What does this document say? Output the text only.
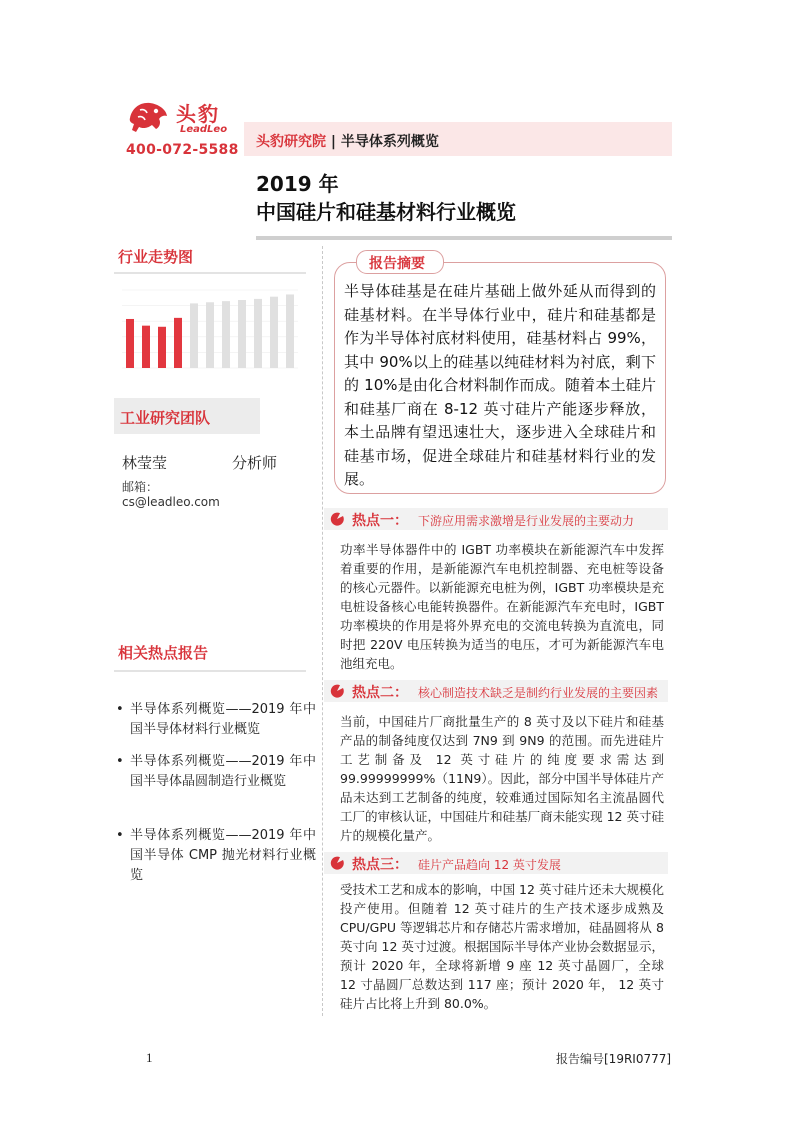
头豹
LeadLeo
400-072-5588 头豹研究院 | 半导体系列概览
2019 年
中国硅片和硅基材料行业概览
行业走势图
工业研究团队
林莹莹	分析师
邮箱：
cs@leadleo.com
相关热点报告
• 半导体系列概览——2019 年中国半导体材料行业概览
• 半导体系列概览——2019 年中国半导体晶圆制造行业概览
• 半导体系列概览——2019 年中国半导体 CMP 抛光材料行业概览
报告摘要
半导体硅基是在硅片基础上做外延从而得到的硅基材料。在半导体行业中，硅片和硅基都是作为半导体衬底材料使用，硅基材料占 99%，其中 90%以上的硅基以纯硅材料为衬底，剩下的 10%是由化合材料制作而成。随着本土硅片和硅基厂商在 8-12 英寸硅片产能逐步释放，本土品牌有望迅速壮大，逐步进入全球硅片和硅基市场，促进全球硅片和硅基材料行业的发展。
热点一： 下游应用需求激增是行业发展的主要动力
功率半导体器件中的 IGBT 功率模块在新能源汽车中发挥着重要的作用，是新能源汽车电机控制器、充电桩等设备的核心元器件。以新能源充电桩为例，IGBT 功率模块是充电桩设备核心电能转换器件。在新能源汽车充电时，IGBT 功率模块的作用是将外界充电的交流电转换为直流电，同时把 220V 电压转换为适当的电压，才可为新能源汽车电池组充电。
热点二： 核心制造技术缺乏是制约行业发展的主要因素
当前，中国硅片厂商批量生产的 8 英寸及以下硅片和硅基产品的制备纯度仅达到 7N9 到 9N9 的范围。而先进硅片工艺制备及 12 英寸硅片的纯度要求需达到 99.99999999%（11N9）。因此，部分中国半导体硅片产品未达到工艺制备的纯度，较难通过国际知名主流晶圆代工厂的审核认证，中国硅片和硅基厂商未能实现 12 英寸硅片的规模化量产。
热点三： 硅片产品趋向 12 英寸发展
受技术工艺和成本的影响，中国 12 英寸硅片还未大规模化投产使用。但随着 12 英寸硅片的生产技术逐步成熟及 CPU/GPU 等逻辑芯片和存储芯片需求增加，硅晶圆将从 8 英寸向 12 英寸过渡。根据国际半导体产业协会数据显示，预计 2020 年，全球将新增 9 座 12 英寸晶圆厂，全球 12 寸晶圆厂总数达到 117 座；预计 2020 年， 12 英寸硅片占比将上升到 80.0%。
1	报告编号[19RI0777]
